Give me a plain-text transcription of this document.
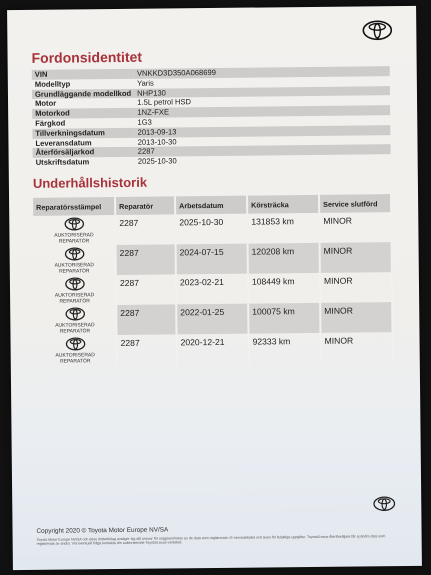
Fordonsidentitet
VIN	VNKKD3D350A068699
Modelltyp	Yaris
Grundläggande modellkod	NHP130
Motor	1.5L petrol HSD
Motorkod	1NZ-FXE
Färgkod	1G3
Tillverkningsdatum	2013-09-13
Leveransdatum	2013-10-30
Återförsäljarkod	2287
Utskriftsdatum	2025-10-30
Underhållshistorik
Reparatörsstämpel	Reparatör	Arbetsdatum	Körsträcka	Service slutförd

AUKTORISERAD
REPARATÖR	2287	2025-10-30	131853 km	MINOR

AUKTORISERAD
REPARATÖR	2287	2024-07-15	120208 km	MINOR

AUKTORISERAD
REPARATÖR	2287	2023-02-21	108449 km	MINOR

AUKTORISERAD
REPARATÖR	2287	2022-01-25	100075 km	MINOR

AUKTORISERAD
REPARATÖR	2287	2020-12-21	92333 km	MINOR

Copyright 2020 © Toyota Motor Europe NV/SA

Toyota Motor Europe NV/SA och dess dotterbolag avsäger sig allt ansvar för noggrannheten av de data som registrerats i E-servicebladet och även för felaktiga uppgifter. Toyota/Lexus-återförsäljare får ej ändra data som registrerats av andra. Vid eventuell fråga kontakta din auktoriserade Toyota/Lexus-verkstad.
